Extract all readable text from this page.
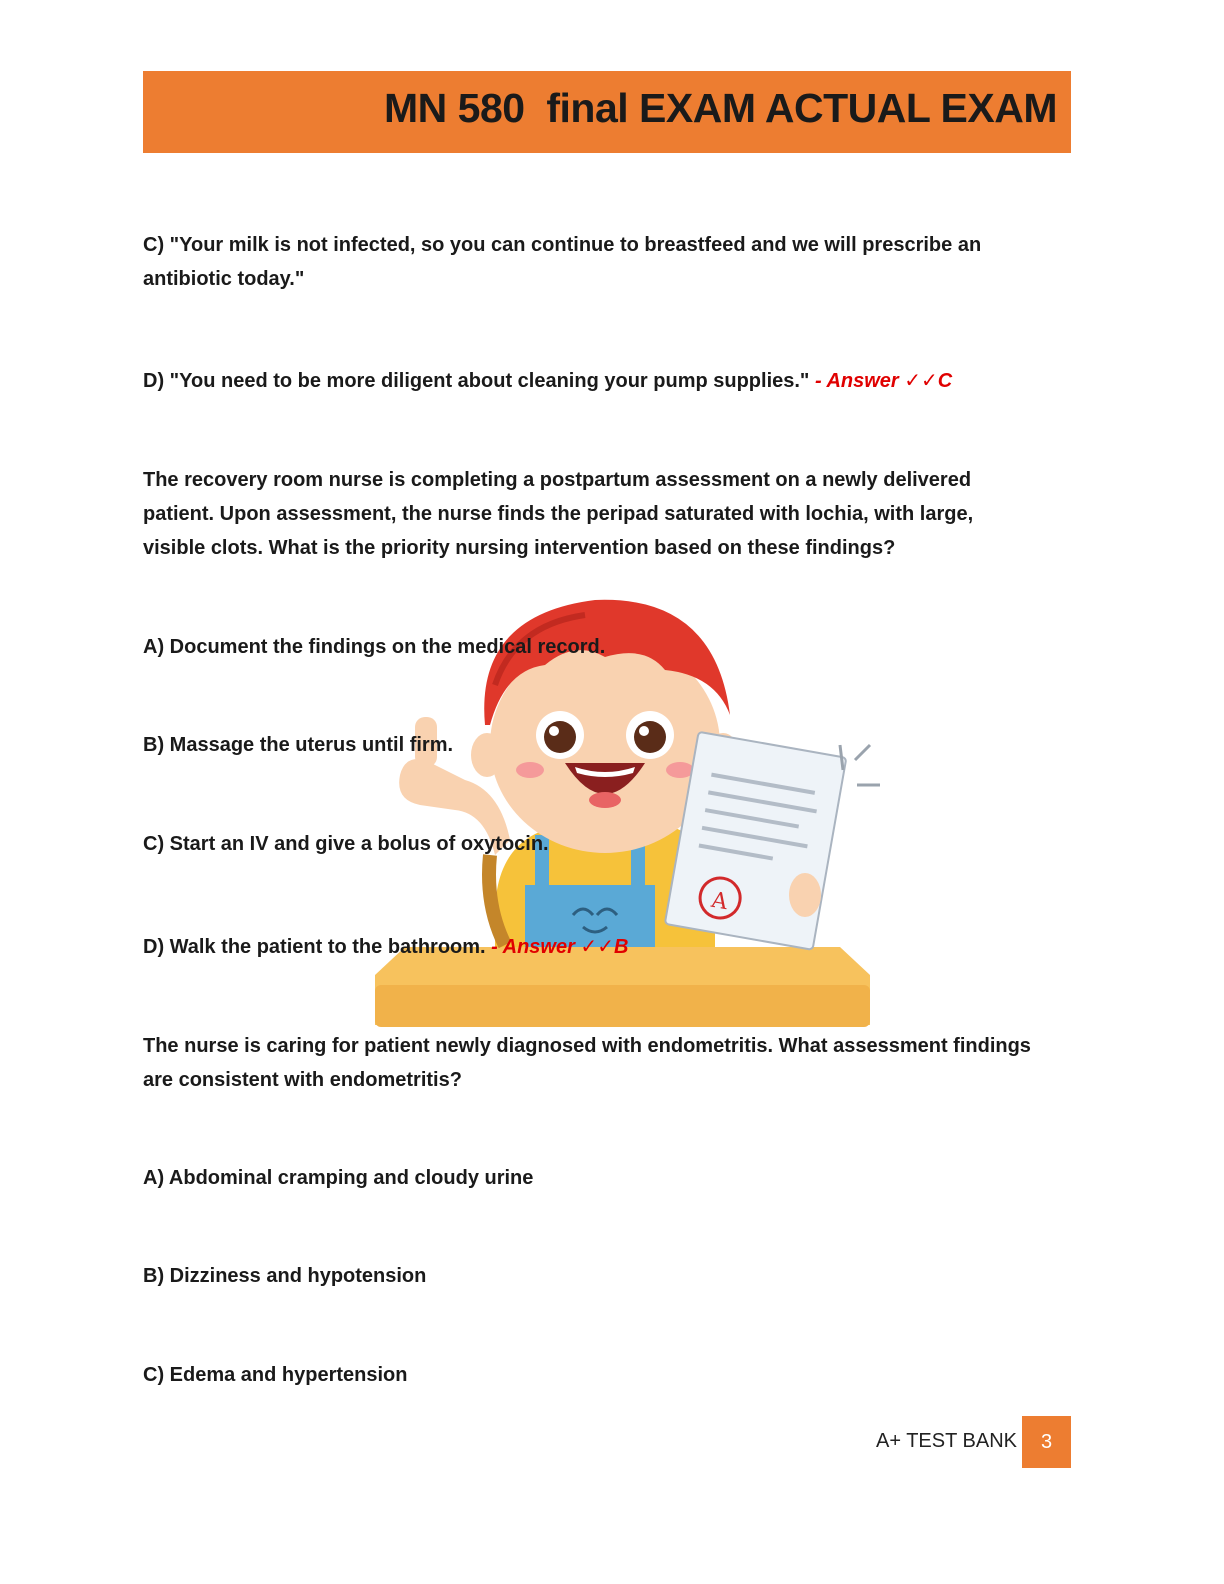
MN 580  final EXAM ACTUAL EXAM
C) "Your milk is not infected, so you can continue to breastfeed and we will prescribe an
antibiotic today."
D) "You need to be more diligent about cleaning your pump supplies." - Answer ✓✓C
The recovery room nurse is completing a postpartum assessment on a newly delivered
patient. Upon assessment, the nurse finds the peripad saturated with lochia, with large,
visible clots. What is the priority nursing intervention based on these findings?
A
A) Document the findings on the medical record.
B) Massage the uterus until firm.
C) Start an IV and give a bolus of oxytocin.
D) Walk the patient to the bathroom. - Answer ✓✓B
The nurse is caring for patient newly diagnosed with endometritis. What assessment findings
are consistent with endometritis?
A) Abdominal cramping and cloudy urine
B) Dizziness and hypotension
C) Edema and hypertension
A+ TEST BANK	3
